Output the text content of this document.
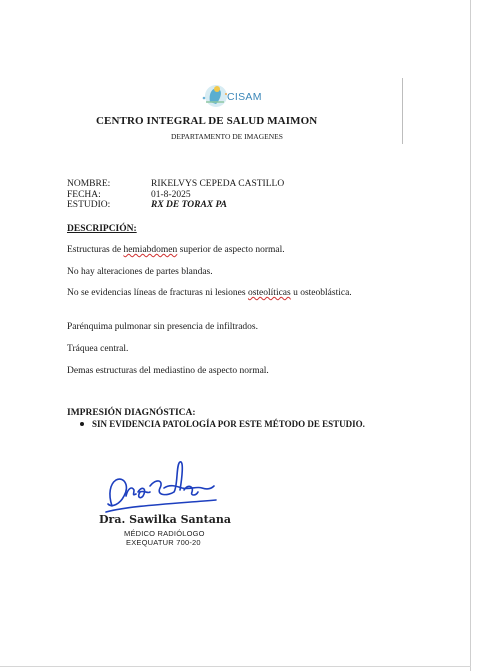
CISAM
CENTRO INTEGRAL DE SALUD MAIMON
DEPARTAMENTO DE IMAGENES
NOMBRE:	RIKELVYS CEPEDA CASTILLO
FECHA:	01-8-2025
ESTUDIO:	RX DE TORAX PA
DESCRIPCIÓN:
Estructuras de hemiabdomen superior de aspecto normal.
No hay alteraciones de partes blandas.
No se evidencias líneas de fracturas ni lesiones osteolíticas u osteoblástica.
Parénquima pulmonar sin presencia de infiltrados.
Tráquea central.
Demas estructuras del mediastino de aspecto normal.
IMPRESIÓN DIAGNÓSTICA:
SIN EVIDENCIA PATOLOGÍA POR ESTE MÉTODO DE ESTUDIO.
Dra. Sawilka Santana
MÉDICO RADIÓLOGO
EXEQUATUR 700-20
